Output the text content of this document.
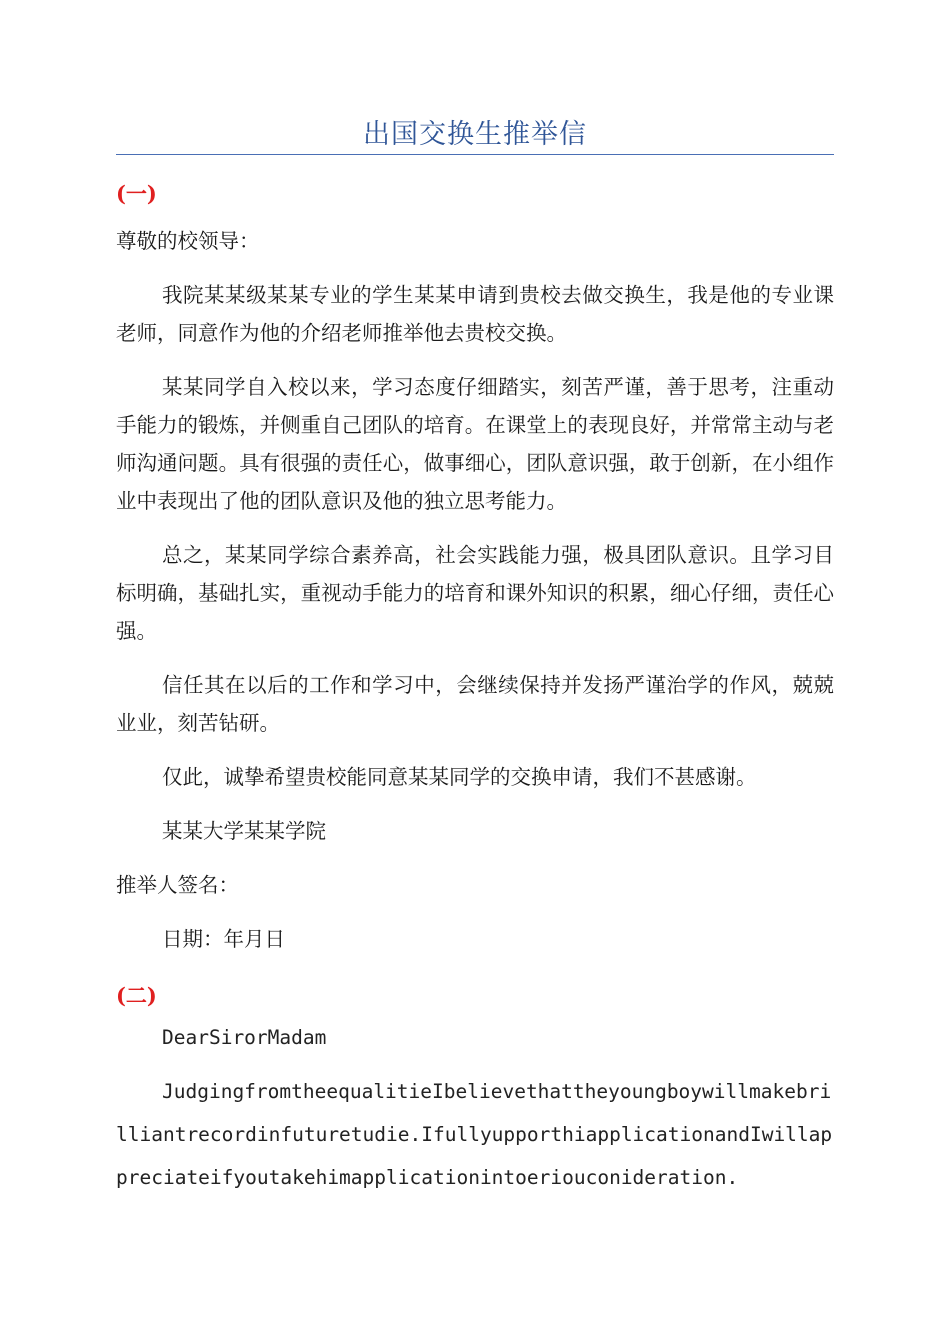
出国交换生推举信
(一)
尊敬的校领导：
我院某某级某某专业的学生某某申请到贵校去做交换生，我是他的专业课老师，同意作为他的介绍老师推举他去贵校交换。
某某同学自入校以来，学习态度仔细踏实，刻苦严谨，善于思考，注重动手能力的锻炼，并侧重自己团队的培育。在课堂上的表现良好，并常常主动与老师沟通问题。具有很强的责任心，做事细心，团队意识强，敢于创新，在小组作业中表现出了他的团队意识及他的独立思考能力。
总之，某某同学综合素养高，社会实践能力强，极具团队意识。且学习目标明确，基础扎实，重视动手能力的培育和课外知识的积累，细心仔细，责任心强。
信任其在以后的工作和学习中，会继续保持并发扬严谨治学的作风，兢兢业业，刻苦钻研。
仅此，诚挚希望贵校能同意某某同学的交换申请，我们不甚感谢。
某某大学某某学院
推举人签名：
日期：年月日
(二)
DearSirorMadam
JudgingfromtheequalitieIbelievethattheyoungboywillmakebrilliantrecordinfuturetudie.IfullyupporthiapplicationandIwillappreciateifyoutakehimapplicationintoeriouconideration.
